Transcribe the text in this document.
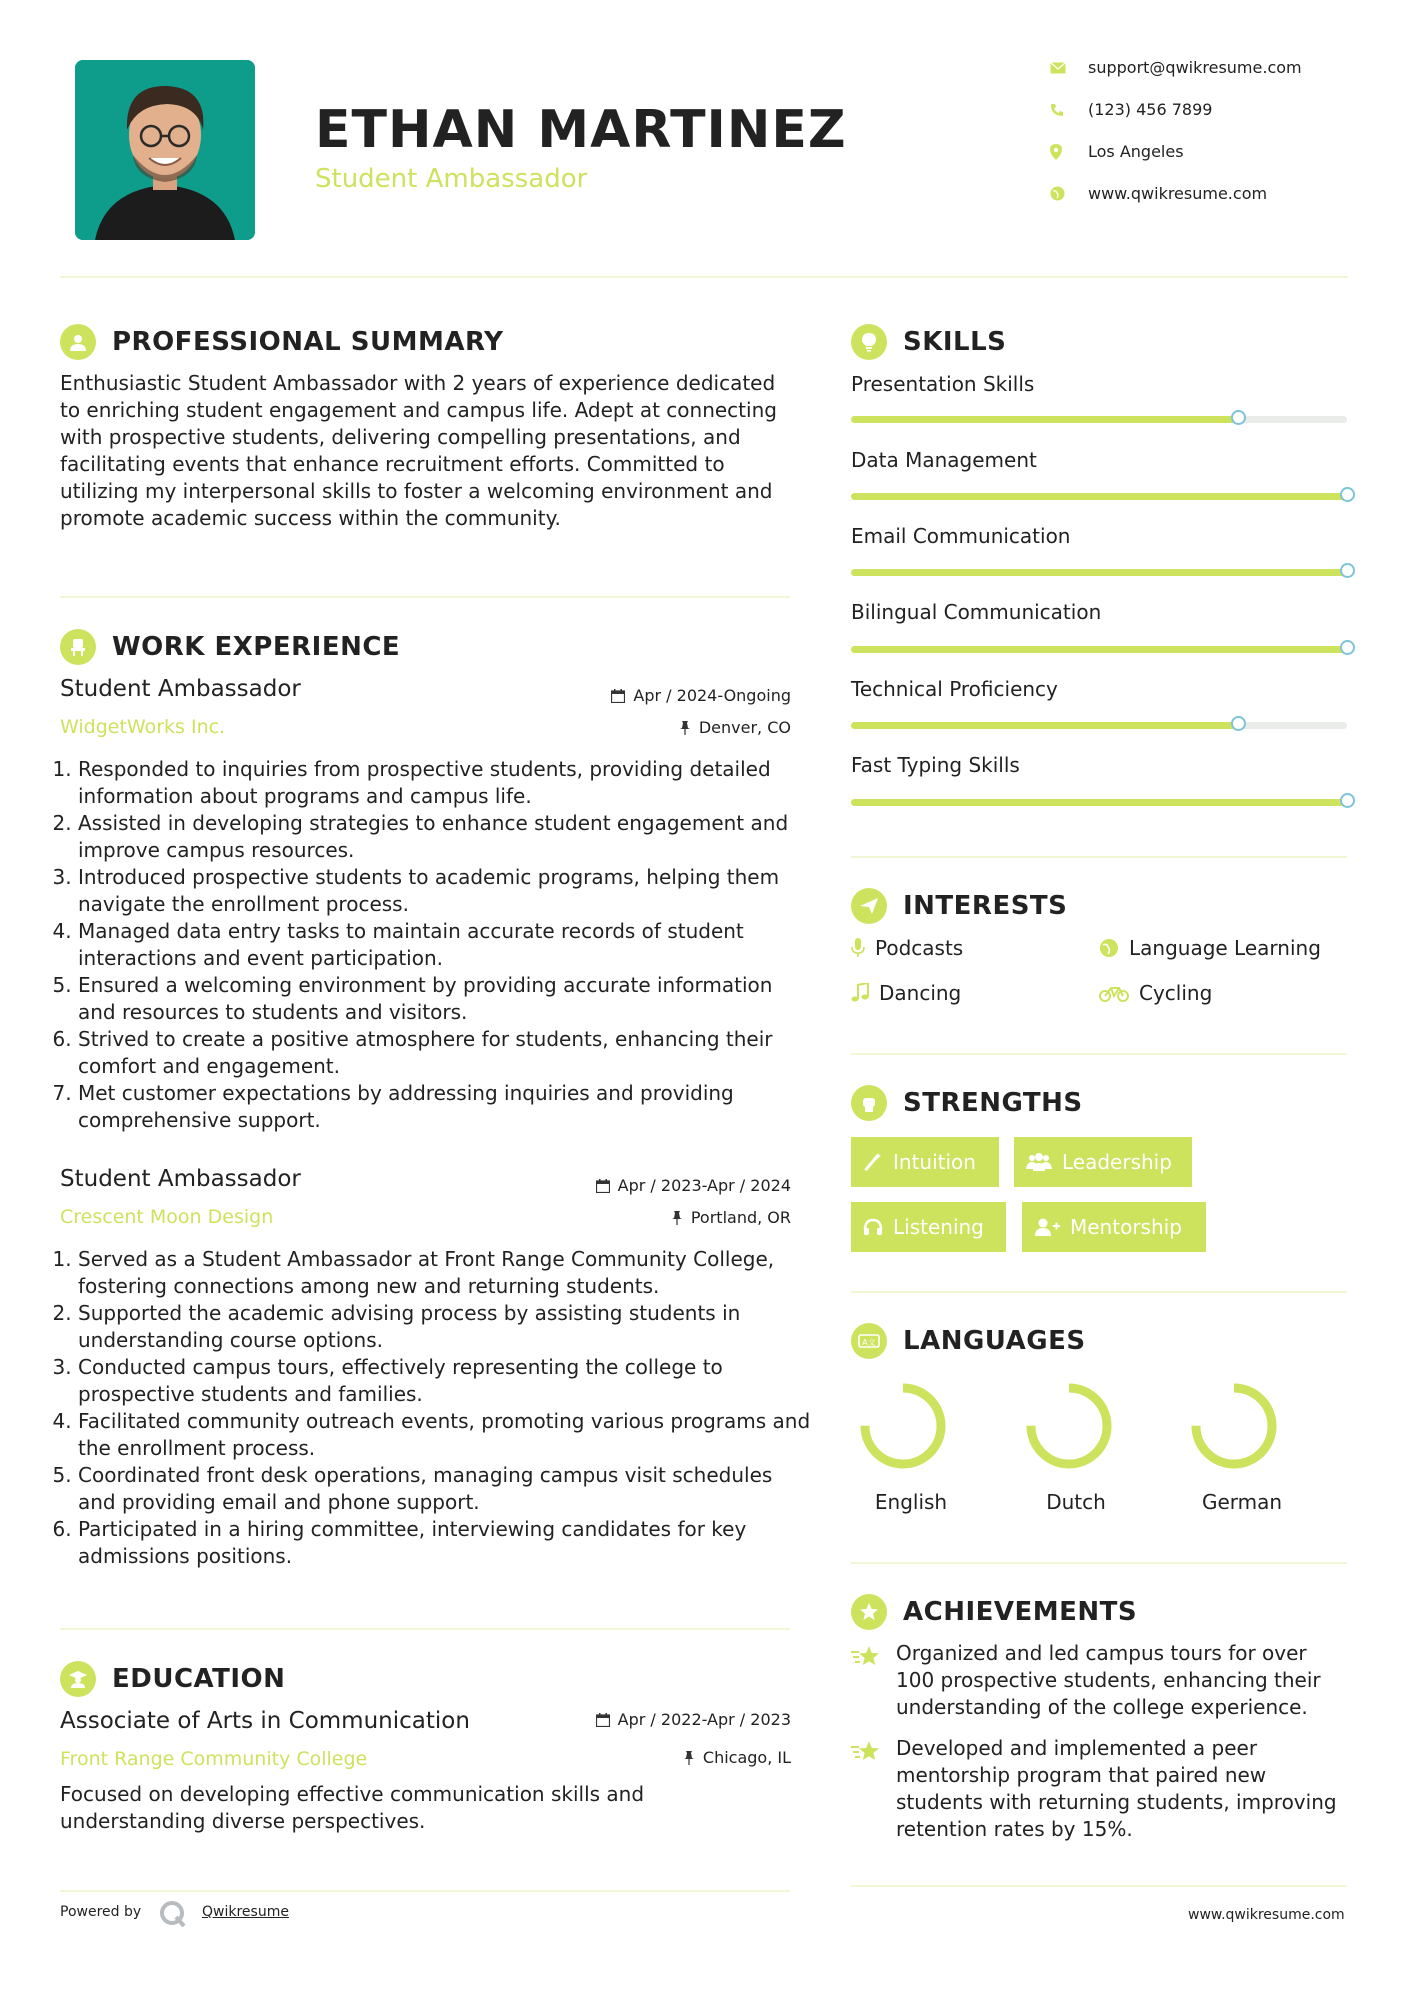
ETHAN MARTINEZ
Student Ambassador
support@qwikresume.com
(123) 456 7899
Los Angeles
www.qwikresume.com
PROFESSIONAL SUMMARY
Enthusiastic Student Ambassador with 2 years of experience dedicated to enriching student engagement and campus life. Adept at connecting with prospective students, delivering compelling presentations, and facilitating events that enhance recruitment efforts. Committed to utilizing my interpersonal skills to foster a welcoming environment and promote academic success within the community.
WORK EXPERIENCE
Student Ambassador	Apr / 2024-Ongoing
WidgetWorks Inc.	Denver, CO
1. Responded to inquiries from prospective students, providing detailed information about programs and campus life.
2. Assisted in developing strategies to enhance student engagement and improve campus resources.
3. Introduced prospective students to academic programs, helping them navigate the enrollment process.
4. Managed data entry tasks to maintain accurate records of student interactions and event participation.
5. Ensured a welcoming environment by providing accurate information and resources to students and visitors.
6. Strived to create a positive atmosphere for students, enhancing their comfort and engagement.
7. Met customer expectations by addressing inquiries and providing comprehensive support.
Student Ambassador	Apr / 2023-Apr / 2024
Crescent Moon Design	Portland, OR
1. Served as a Student Ambassador at Front Range Community College, fostering connections among new and returning students.
2. Supported the academic advising process by assisting students in understanding course options.
3. Conducted campus tours, effectively representing the college to prospective students and families.
4. Facilitated community outreach events, promoting various programs and the enrollment process.
5. Coordinated front desk operations, managing campus visit schedules and providing email and phone support.
6. Participated in a hiring committee, interviewing candidates for key admissions positions.
EDUCATION
Associate of Arts in Communication	Apr / 2022-Apr / 2023
Front Range Community College	Chicago, IL
Focused on developing effective communication skills and understanding diverse perspectives.
SKILLS
Presentation Skills
Data Management
Email Communication
Bilingual Communication
Technical Proficiency
Fast Typing Skills
INTERESTS
Podcasts	Language Learning
Dancing	Cycling
STRENGTHS
Intuition	Leadership
Listening	Mentorship
A文 LANGUAGES
English	Dutch	German
ACHIEVEMENTS
Organized and led campus tours for over 100 prospective students, enhancing their understanding of the college experience.
Developed and implemented a peer mentorship program that paired new students with returning students, improving retention rates by 15%.
Powered by	Qwikresume	www.qwikresume.com
